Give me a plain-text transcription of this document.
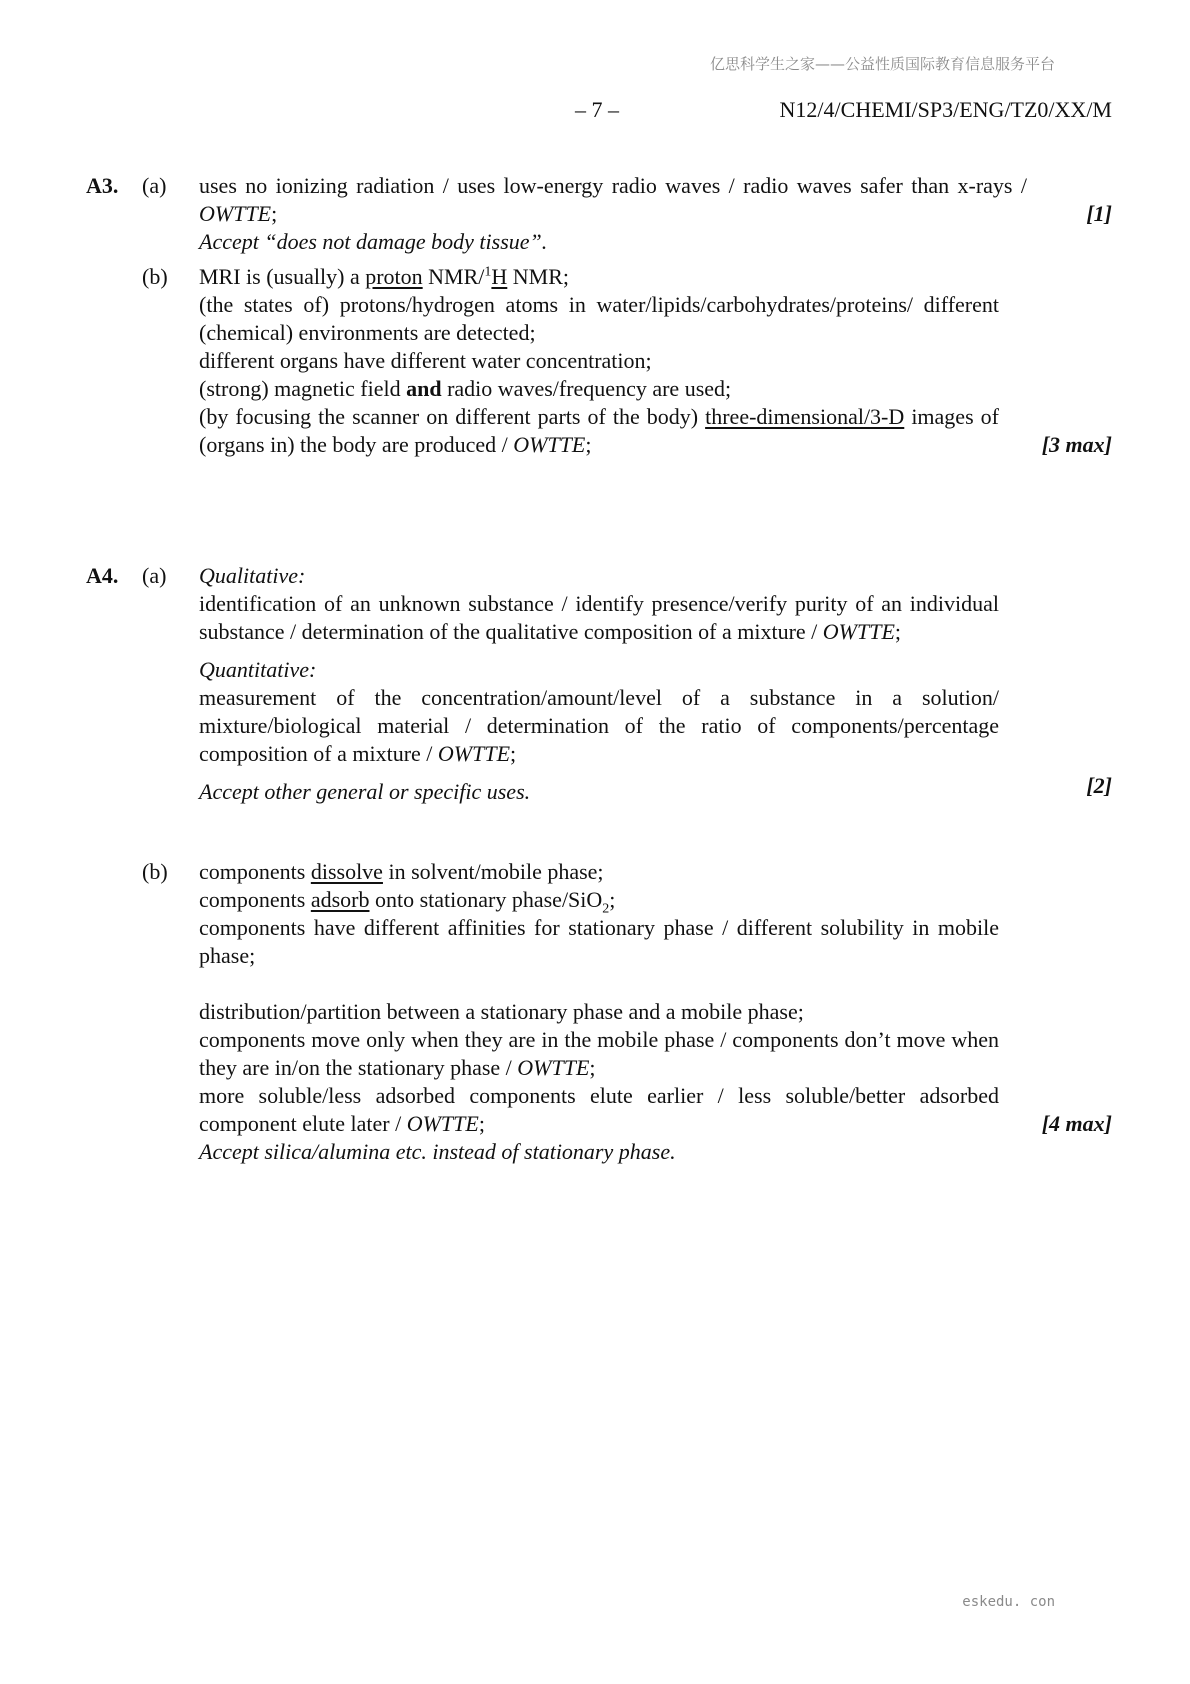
亿思科学生之家——公益性质国际教育信息服务平台
– 7 –	N12/4/CHEMI/SP3/ENG/TZ0/XX/M
A3. (a) uses no ionizing radiation / uses low-energy radio waves / radio waves safer than x-rays / OWTTE;

Accept “does not damage body tissue”.

[1]
(b) MRI is (usually) a proton NMR/$^1$H NMR;

(the states of) protons/hydrogen atoms in water/lipids/carbohydrates/proteins/ different (chemical) environments are detected;

different organs have different water concentration;

(strong) magnetic field and radio waves/frequency are used;

(by focusing the scanner on different parts of the body) three-dimensional/3-D images of (organs in) the body are produced / OWTTE;	[3 max]
A4. (a) Qualitative:

identification of an unknown substance / identify presence/verify purity of an individual substance / determination of the qualitative composition of a mixture / OWTTE;

Quantitative:

measurement of the concentration/amount/level of a substance in a solution/ mixture/biological material / determination of the ratio of components/percentage composition of a mixture / OWTTE;

Accept other general or specific uses.	[2]
(b) components dissolve in solvent/mobile phase;

components adsorb onto stationary phase/SiO$_2$;

components have different affinities for stationary phase / different solubility in mobile phase;

distribution/partition between a stationary phase and a mobile phase;

components move only when they are in the mobile phase / components don’t move when they are in/on the stationary phase / OWTTE;

more soluble/less adsorbed components elute earlier / less soluble/better adsorbed component elute later / OWTTE;

Accept silica/alumina etc. instead of stationary phase.

[4 max]
eskedu. con
